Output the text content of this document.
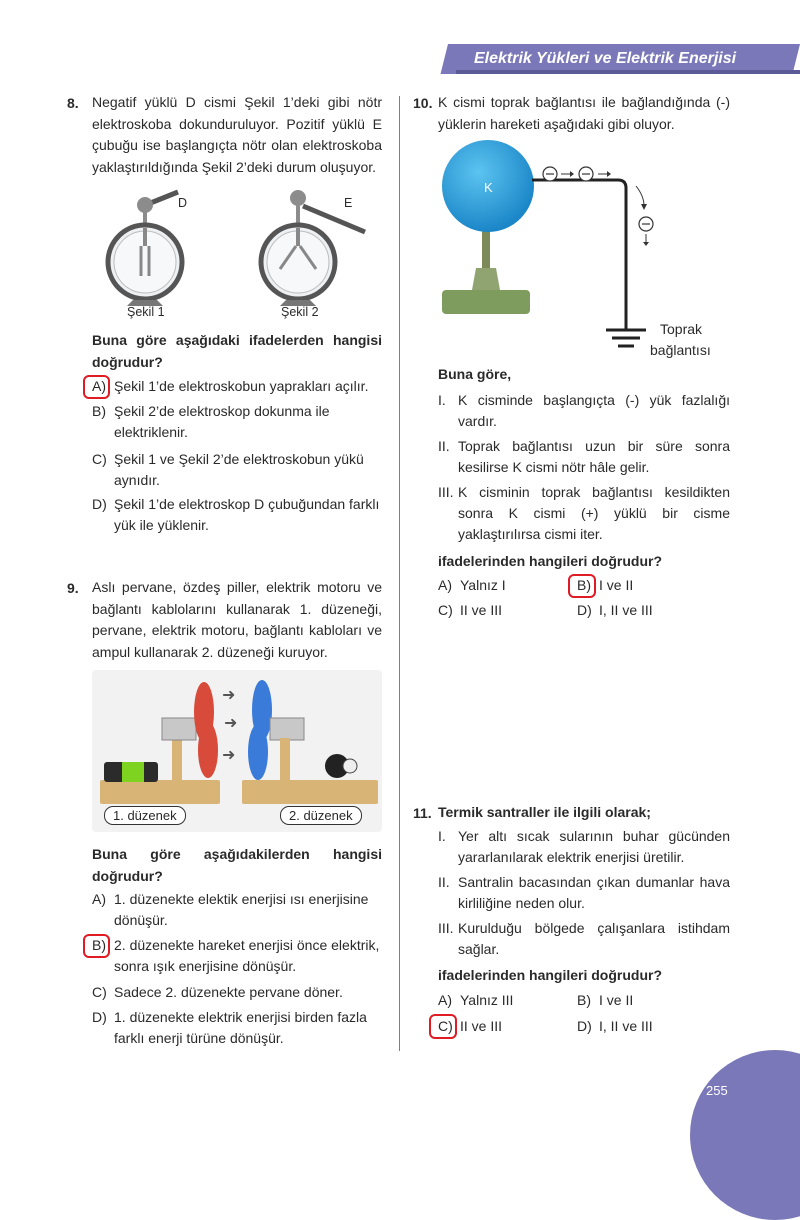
Elektrik Yükleri ve Elektrik Enerjisi
8. Negatif yüklü D cismi Şekil 1’deki gibi nötr elektroskoba dokunduruluyor. Pozitif yüklü E çubuğu ise başlangıçta nötr olan elektroskoba yaklaştırıldığında Şekil 2’deki durum oluşuyor.
D	E
Şekil 1	Şekil 2
Buna göre aşağıdaki ifadelerden hangisi doğrudur?
A) Şekil 1’de elektroskobun yaprakları açılır.
B) Şekil 2’de elektroskop dokunma ile elektriklenir.
C) Şekil 1 ve Şekil 2’de elektroskobun yükü aynıdır.
D) Şekil 1’de elektroskop D çubuğundan farklı yük ile yüklenir.
9. Aslı pervane, özdeş piller, elektrik motoru ve bağlantı kablolarını kullanarak 1. düzeneği, pervane, elektrik motoru, bağlantı kabloları ve ampul kullanarak 2. düzeneği kuruyor.
➜
➜
➜
1. düzenek	2. düzenek
Buna göre aşağıdakilerden hangisi doğrudur?
A) 1. düzenekte elektik enerjisi ısı enerjisine dönüşür.
B) 2. düzenekte hareket enerjisi önce elektrik, sonra ışık enerjisine dönüşür.
C) Sadece 2. düzenekte pervane döner.
D) 1. düzenekte elektrik enerjisi birden fazla farklı enerji türüne dönüşür.
10. K cismi toprak bağlantısı ile bağlandığında (-) yüklerin hareketi aşağıdaki gibi oluyor.
K
Toprak
bağlantısı
Buna göre,
I. K cisminde başlangıçta (-) yük fazlalığı vardır.
II. Toprak bağlantısı uzun bir süre sonra kesilirse K cismi nötr hâle gelir.
III. K cisminin toprak bağlantısı kesildikten sonra K cismi (+) yüklü bir cisme yaklaştırılırsa cismi iter.
ifadelerinden hangileri doğrudur?
A) Yalnız I	B) I ve II
C) II ve III	D) I, II ve III
11. Termik santraller ile ilgili olarak;
I. Yer altı sıcak sularının buhar gücünden yararlanılarak elektrik enerjisi üretilir.
II. Santralin bacasından çıkan dumanlar hava kirliliğine neden olur.
III. Kurulduğu bölgede çalışanlara istihdam sağlar.
ifadelerinden hangileri doğrudur?
A) Yalnız III	B) I ve II
C) II ve III	D) I, II ve III
255
